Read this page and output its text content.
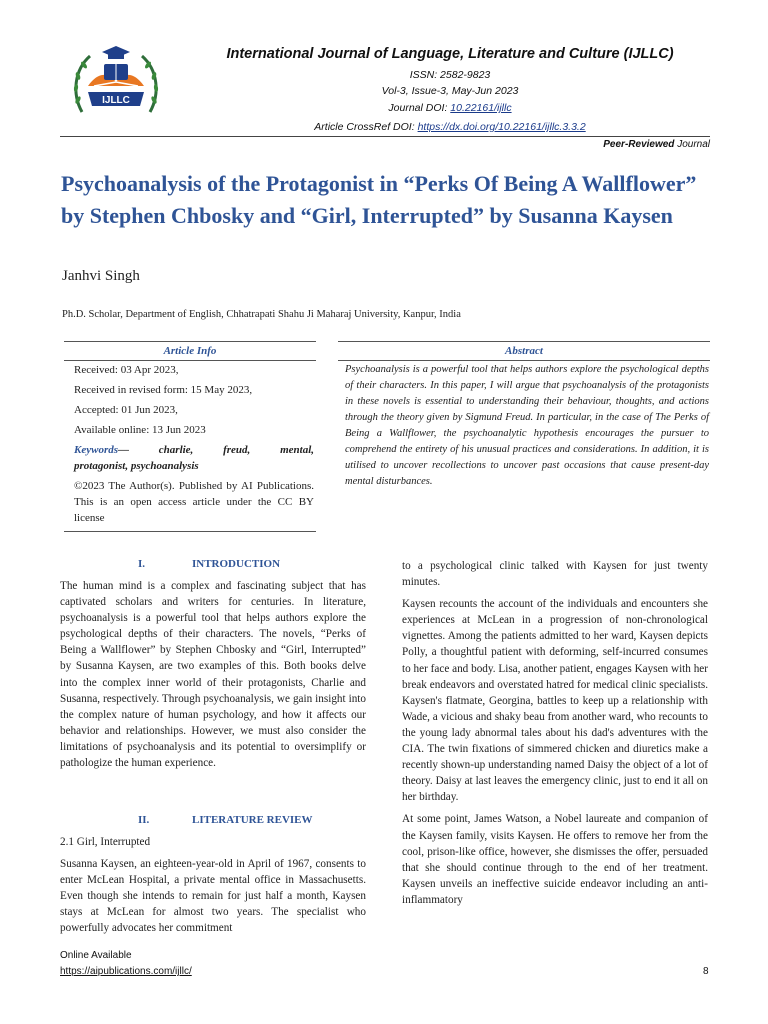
IJLLC
International Journal of Language, Literature and Culture (IJLLC)
ISSN: 2582-9823
Vol-3, Issue-3, May-Jun 2023
Journal DOI: 10.22161/ijllc
Article CrossRef DOI: https://dx.doi.org/10.22161/ijllc.3.3.2
Peer-Reviewed Journal
Psychoanalysis of the Protagonist in “Perks Of Being A Wallflower” by Stephen Chbosky and “Girl, Interrupted” by Susanna Kaysen
Janhvi Singh
Ph.D. Scholar, Department of English, Chhatrapati Shahu Ji Maharaj University, Kanpur, India
Article Info	Abstract

Received: 03 Apr 2023,

Received in revised form: 15 May 2023,

Accepted: 01 Jun 2023,

Available online: 13 Jun 2023

Keywords— charlie, freud, mental,

protagonist, psychoanalysis

©2023 The Author(s). Published by AI Publications. This is an open access article under the CC BY license

Psychoanalysis is a powerful tool that helps authors explore the psychological depths of their characters. In this paper, I will argue that psychoanalysis of the protagonists in these novels is essential to understanding their behaviour, thoughts, and actions through the theory given by Sigmund Freud. In particular, in the case of The Perks of Being a Wallflower, the psychoanalytic hypothesis encourages the pursuer to comprehend the entirety of his unusual practices and considerations. In addition, it is utilised to uncover recollections to uncover past occasions that cause present-day mental disturbances.
I.	INTRODUCTION

The human mind is a complex and fascinating subject that has captivated scholars and writers for centuries. In literature, psychoanalysis is a powerful tool that helps authors explore the psychological depths of their characters. The novels, “Perks of Being a Wallflower” by Stephen Chbosky and “Girl, Interrupted” by Susanna Kaysen, are two examples of this. Both books delve into the complex inner world of their protagonists, Charlie and Susanna, respectively. Through psychoanalysis, we gain insight into the complex nature of human psychology, and how it affects our behavior and relationships. However, we must also consider the limitations of psychoanalysis and its potential to oversimplify or pathologize the human experience.

II.	LITERATURE REVIEW

2.1 Girl, Interrupted

Susanna Kaysen, an eighteen-year-old in April of 1967, consents to enter McLean Hospital, a private mental office in Massachusetts. Even though she intends to remain for just half a month, Kaysen stays at McLean for almost two years. The specialist who powerfully advocates her commitment

to a psychological clinic talked with Kaysen for just twenty minutes.

Kaysen recounts the account of the individuals and encounters she experiences at McLean in a progression of non-chronological vignettes. Among the patients admitted to her ward, Kaysen depicts Polly, a thoughtful patient with deforming, self-incurred consumes to her face and body. Lisa, another patient, engages Kaysen with her break endeavors and overstated hatred for medical clinic specialists. Kaysen's flatmate, Georgina, battles to keep up a relationship with Wade, a vicious and shaky beau from another ward, who recounts to the young lady abnormal tales about his dad's adventures with the CIA. The twin fixations of simmered chicken and diuretics make a recently shown-up understanding named Daisy the object of a lot of theory. Daisy at last leaves the emergency clinic, just to end it all on her birthday.

At some point, James Watson, a Nobel laureate and companion of the Kaysen family, visits Kaysen. He offers to remove her from the cool, prison-like office, however, she dismisses the offer, persuaded that she should continue through to the end of her treatment. Kaysen unveils an ineffective suicide endeavor including an anti-inflammatory

Online Available
https://aipublications.com/ijllc/	8
